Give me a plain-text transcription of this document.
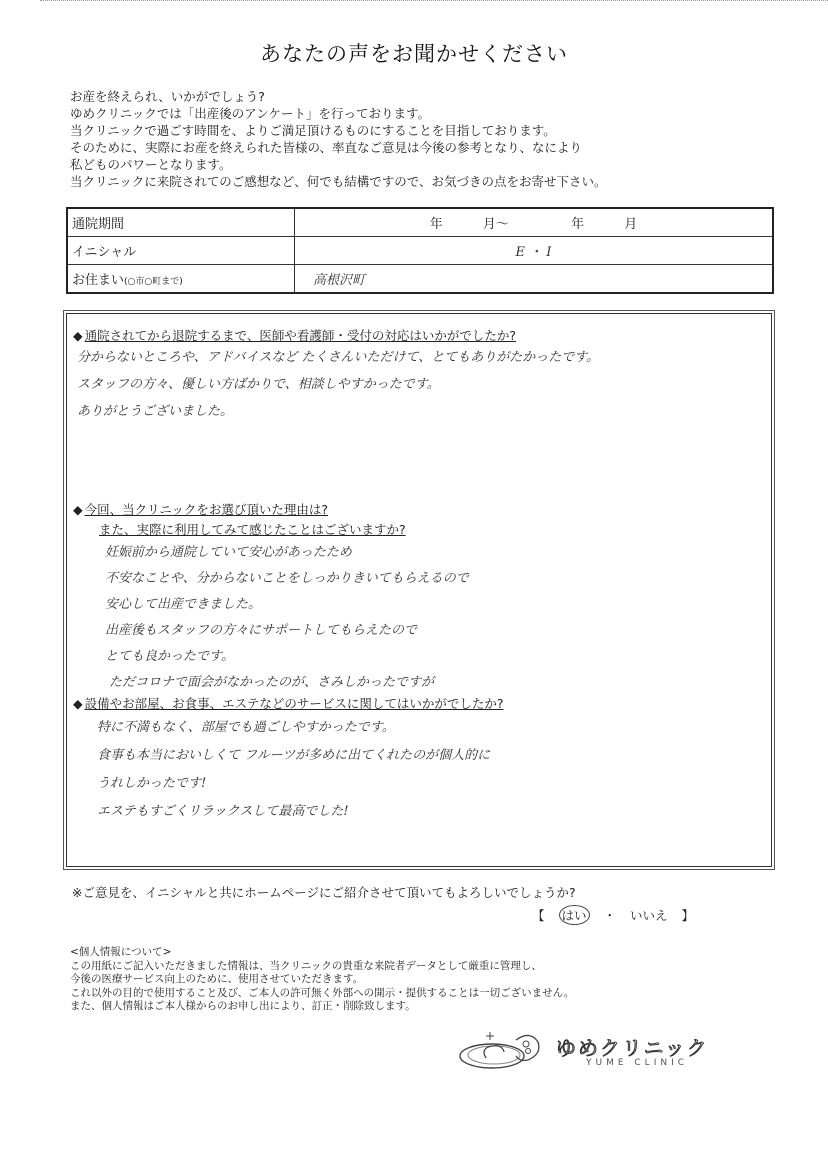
あなたの声をお聞かせください
お産を終えられ、いかがでしょう?
ゆめクリニックでは「出産後のアンケート」を行っております。
当クリニックで過ごす時間を、よりご満足頂けるものにすることを目指しております。
そのために、実際にお産を終えられた皆様の、率直なご意見は今後の参考となり、なにより
私どものパワーとなります。
当クリニックに来院されてのご感想など、何でも結構ですので、お気づきの点をお寄せ下さい。
通院期間	年 月〜 年 月
イニシャル	E ・ I
お住まい(○市○町まで)	高根沢町
◆ 通院されてから退院するまで、医師や看護師・受付の対応はいかがでしたか?
分からないところや、アドバイスなど たくさんいただけて、とてもありがたかったです。
スタッフの方々、優しい方ばかりで、相談しやすかったです。
ありがとうございました。
◆ 今回、当クリニックをお選び頂いた理由は?
また、実際に利用してみて感じたことはございますか?
妊娠前から通院していて安心があったため
不安なことや、分からないことをしっかりきいてもらえるので
安心して出産できました。
出産後もスタッフの方々にサポートしてもらえたので
とても良かったです。
ただコロナで面会がなかったのが、さみしかったですが
◆ 設備やお部屋、お食事、エステなどのサービスに関してはいかがでしたか?
特に不満もなく、部屋でも過ごしやすかったです。
食事も本当においしくて フルーツが多めに出てくれたのが個人的に
うれしかったです!
エステもすごくリラックスして最高でした!
※ご意見を、イニシャルと共にホームページにご紹介させて頂いてもよろしいでしょうか?
【 はい ・ いいえ 】
<個人情報について>
この用紙にご記入いただきました情報は、当クリニックの貴重な来院者データとして厳重に管理し、
今後の医療サービス向上のために、使用させていただきます。
これ以外の目的で使用すること及び、ご本人の許可無く外部への開示・提供することは一切ございません。
また、個人情報はご本人様からのお申し出により、訂正・削除致します。
ゆめクリニック
YUME CLINIC
